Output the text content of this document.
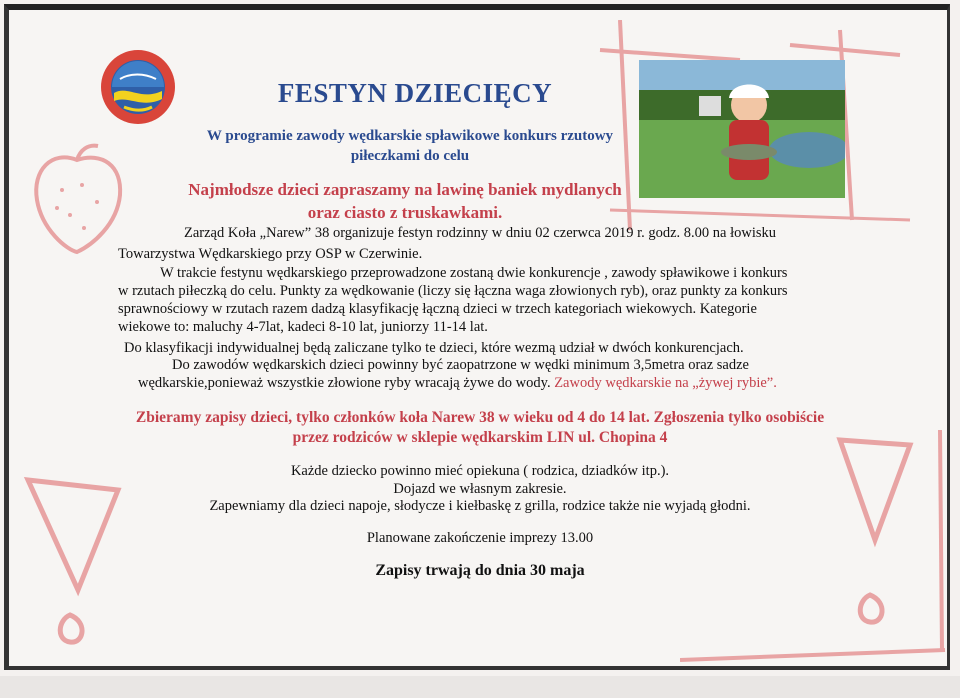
FESTYN DZIECIĘCY
W programie zawody wędkarskie spławikowe konkurs rzutowy
piłeczkami do celu
Najmłodsze dzieci zapraszamy na lawinę baniek mydlanych
oraz ciasto z truskawkami.
Zarząd Koła „Narew” 38 organizuje festyn rodzinny w dniu 02 czerwca 2019 r. godz. 8.00 na łowisku
Towarzystwa Wędkarskiego przy OSP w Czerwinie.
W trakcie festynu wędkarskiego przeprowadzone zostaną dwie konkurencje , zawody spławikowe i konkurs
w rzutach piłeczką do celu. Punkty za wędkowanie (liczy się łączna waga złowionych ryb), oraz punkty za konkurs
sprawnościowy w rzutach razem dadzą klasyfikację łączną dzieci w trzech kategoriach wiekowych. Kategorie
wiekowe to: maluchy 4-7lat, kadeci 8-10 lat, juniorzy 11-14 lat.
Do klasyfikacji indywidualnej będą zaliczane tylko te dzieci, które wezmą udział w dwóch konkurencjach.
Do zawodów wędkarskich dzieci powinny być zaopatrzone w wędki minimum 3,5metra oraz sadze
wędkarskie,ponieważ wszystkie złowione ryby wracają żywe do wody. Zawody wędkarskie na „żywej rybie”.
Zbieramy zapisy dzieci, tylko członków koła Narew 38 w wieku od 4 do 14 lat. Zgłoszenia tylko osobiście
przez rodziców w sklepie wędkarskim LIN ul. Chopina 4
Każde dziecko powinno mieć opiekuna ( rodzica, dziadków itp.).
Dojazd we własnym zakresie.
Zapewniamy dla dzieci napoje, słodycze i kiełbaskę z grilla, rodzice także nie wyjadą głodni.
Planowane zakończenie imprezy 13.00
Zapisy trwają do dnia 30 maja
